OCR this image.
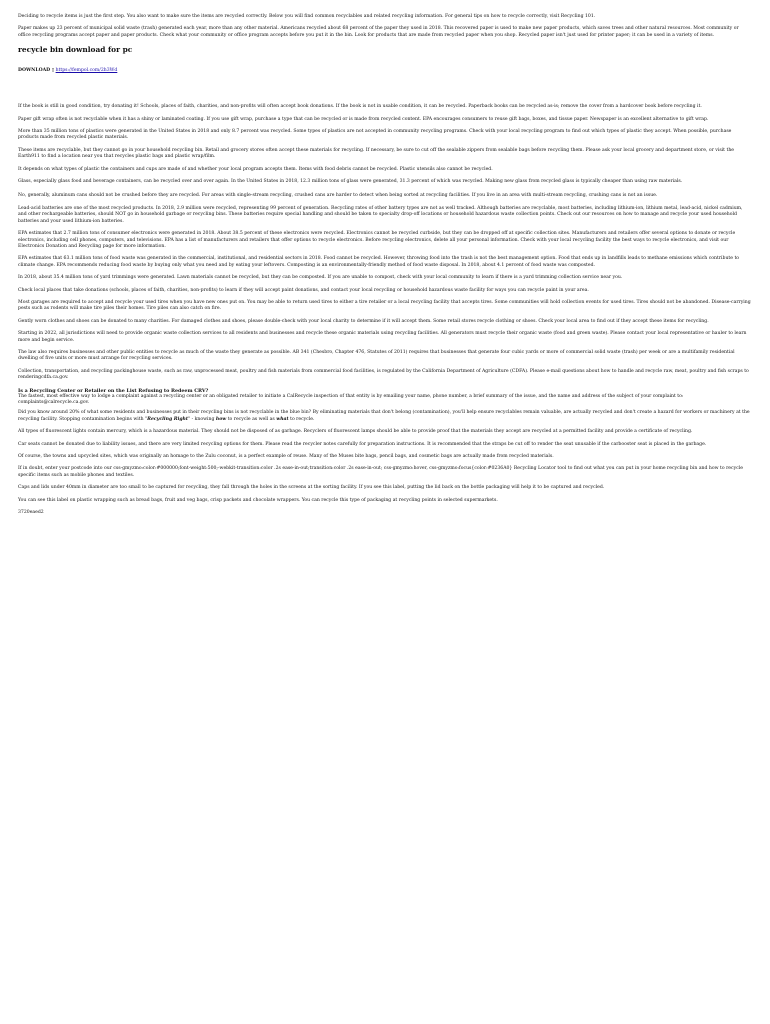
Deciding to recycle items is just the first step. You also want to make sure the items are recycled correctly. Below you will find common recyclables and related recycling information. For general tips on how to recycle correctly, visit Recycling 101.

Paper makes up 23 percent of municipal solid waste (trash) generated each year, more than any other material. Americans recycled about 68 percent of the paper they used in 2018. This recovered paper is used to make new paper products, which saves trees and other natural resources. Most community or office recycling programs accept paper and paper products. Check what your community or office program accepts before you put it in the bin. Look for products that are made from recycled paper when you shop. Recycled paper isn't just used for printer paper; it can be used in a variety of items.

recycle bin download for pc
DOWNLOAD ▯ https://fempol.com/2h3Wd

If the book is still in good condition, try donating it! Schools, places of faith, charities, and non-profits will often accept book donations. If the book is not in usable condition, it can be recycled. Paperback books can be recycled as-is; remove the cover from a hardcover book before recycling it.

Paper gift wrap often is not recyclable when it has a shiny or laminated coating. If you use gift wrap, purchase a type that can be recycled or is made from recycled content. EPA encourages consumers to reuse gift bags, boxes, and tissue paper. Newspaper is an excellent alternative to gift wrap.

More than 35 million tons of plastics were generated in the United States in 2018 and only 8.7 percent was recycled. Some types of plastics are not accepted in community recycling programs. Check with your local recycling program to find out which types of plastic they accept. When possible, purchase products made from recycled plastic materials.

These items are recyclable, but they cannot go in your household recycling bin. Retail and grocery stores often accept these materials for recycling. If necessary, be sure to cut off the sealable zippers from sealable bags before recycling them. Please ask your local grocery and department store, or visit the Earth911 to find a location near you that recycles plastic bags and plastic wrap/film.

It depends on what types of plastic the containers and cups are made of and whether your local program accepts them. Items with food debris cannot be recycled. Plastic utensils also cannot be recycled.

Glass, especially glass food and beverage containers, can be recycled over and over again. In the United States in 2018, 12.3 million tons of glass were generated, 31.3 percent of which was recycled. Making new glass from recycled glass is typically cheaper than using raw materials.

No, generally, aluminum cans should not be crushed before they are recycled. For areas with single-stream recycling, crushed cans are harder to detect when being sorted at recycling facilities. If you live in an area with multi-stream recycling, crushing cans is not an issue.

Lead-acid batteries are one of the most recycled products. In 2018, 2.9 million were recycled, representing 99 percent of generation. Recycling rates of other battery types are not as well tracked. Although batteries are recyclable, most batteries, including lithium-ion, lithium metal, lead-acid, nickel cadmium, and other rechargeable batteries, should NOT go in household garbage or recycling bins. These batteries require special handling and should be taken to specialty drop-off locations or household hazardous waste collection points. Check out our resources on how to manage and recycle your used household batteries and your used lithium-ion batteries.

EPA estimates that 2.7 million tons of consumer electronics were generated in 2018. About 38.5 percent of these electronics were recycled. Electronics cannot be recycled curbside, but they can be dropped off at specific collection sites. Manufacturers and retailers offer several options to donate or recycle electronics, including cell phones, computers, and televisions. EPA has a list of manufacturers and retailers that offer options to recycle electronics. Before recycling electronics, delete all your personal information. Check with your local recycling facility the best ways to recycle electronics, and visit our Electronics Donation and Recycling page for more information.

EPA estimates that 63.1 million tons of food waste was generated in the commercial, institutional, and residential sectors in 2018. Food cannot be recycled. However, throwing food into the trash is not the best management option. Food that ends up in landfills leads to methane emissions which contribute to climate change. EPA recommends reducing food waste by buying only what you need and by eating your leftovers. Composting is an environmentally-friendly method of food waste disposal. In 2018, about 4.1 percent of food waste was composted.

In 2018, about 35.4 million tons of yard trimmings were generated. Lawn materials cannot be recycled, but they can be composted. If you are unable to compost, check with your local community to learn if there is a yard trimming collection service near you.

Check local places that take donations (schools, places of faith, charities, non-profits) to learn if they will accept paint donations, and contact your local recycling or household hazardous waste facility for ways you can recycle paint in your area.

Most garages are required to accept and recycle your used tires when you have new ones put on. You may be able to return used tires to either a tire retailer or a local recycling facility that accepts tires. Some communities will hold collection events for used tires. Tires should not be abandoned. Disease-carrying pests such as rodents will make tire piles their homes. Tire piles can also catch on fire.

Gently worn clothes and shoes can be donated to many charities. For damaged clothes and shoes, please double-check with your local charity to determine if it will accept them. Some retail stores recycle clothing or shoes. Check your local area to find out if they accept these items for recycling.

Starting in 2022, all jurisdictions will need to provide organic waste collection services to all residents and businesses and recycle these organic materials using recycling facilities. All generators must recycle their organic waste (food and green waste). Please contact your local representative or hauler to learn more and begin service.

The law also requires businesses and other public entities to recycle as much of the waste they generate as possible. AB 341 (Chesbro, Chapter 476, Statutes of 2011) requires that businesses that generate four cubic yards or more of commercial solid waste (trash) per week or are a multifamily residential dwelling of five units or more must arrange for recycling services.

Collection, transportation, and recycling packinghouse waste, such as raw, unprocessed meat, poultry and fish materials from commercial food facilities, is regulated by the California Department of Agriculture (CDFA). Please e-mail questions about how to handle and recycle raw, meat, poultry and fish scraps to renderingcdfa.ca.gov.

Is a Recycling Center or Retailer on the List Refusing to Redeem CRV?

The fastest, most effective way to lodge a complaint against a recycling center or an obligated retailer to initiate a CalRecycle inspection of that entity is by emailing your name, phone number, a brief summary of the issue, and the name and address of the subject of your complaint to: complaints@calrecycle.ca.gov.

Did you know around 20% of what some residents and businesses put in their recycling bins is not recyclable in the blue bin? By eliminating materials that don't belong (contamination), you'll help ensure recyclables remain valuable, are actually recycled and don't create a hazard for workers or machinery at the recycling facility. Stopping contamination begins with "Recycling Right" - knowing how to recycle as well as what to recycle.

All types of fluorescent lights contain mercury, which is a hazardous material. They should not be disposed of as garbage. Recyclers of fluorescent lamps should be able to provide proof that the materials they accept are recycled at a permitted facility and provide a certificate of recycling.

Car seats cannot be donated due to liability issues, and there are very limited recycling options for them. Please read the recycler notes carefully for preparation instructions. It is recommended that the straps be cut off to render the seat unusable if the carbooster seat is placed in the garbage.

Of course, the towns and upcycled sites, which was originally an homage to the Zulu coconut, is a perfect example of reuse. Many of the Muses bite bags, pencil bags, and cosmetic bags are actually made from recycled materials.

If in doubt, enter your postcode into our css-gmyzmo:color:#000000;font-weight:500;-webkit-transition:color .2s ease-in-out;transition:color .2s ease-in-out; css-gmyzmo:hover, css-gmyzmo:focus{color:#0236A0} Recycling Locator tool to find out what you can put in your home recycling bin and how to recycle specific items such as mobile phones and textiles.

Caps and lids under 40mm in diameter are too small to be captured for recycling, they fall through the holes in the screens at the sorting facility. If you see this label, putting the lid back on the bottle packaging will help it to be captured and recycled.

You can see this label on plastic wrapping such as bread bags, fruit and veg bags, crisp packets and chocolate wrappers. You can recycle this type of packaging at recycling points in selected supermarkets.

3720eaed2
